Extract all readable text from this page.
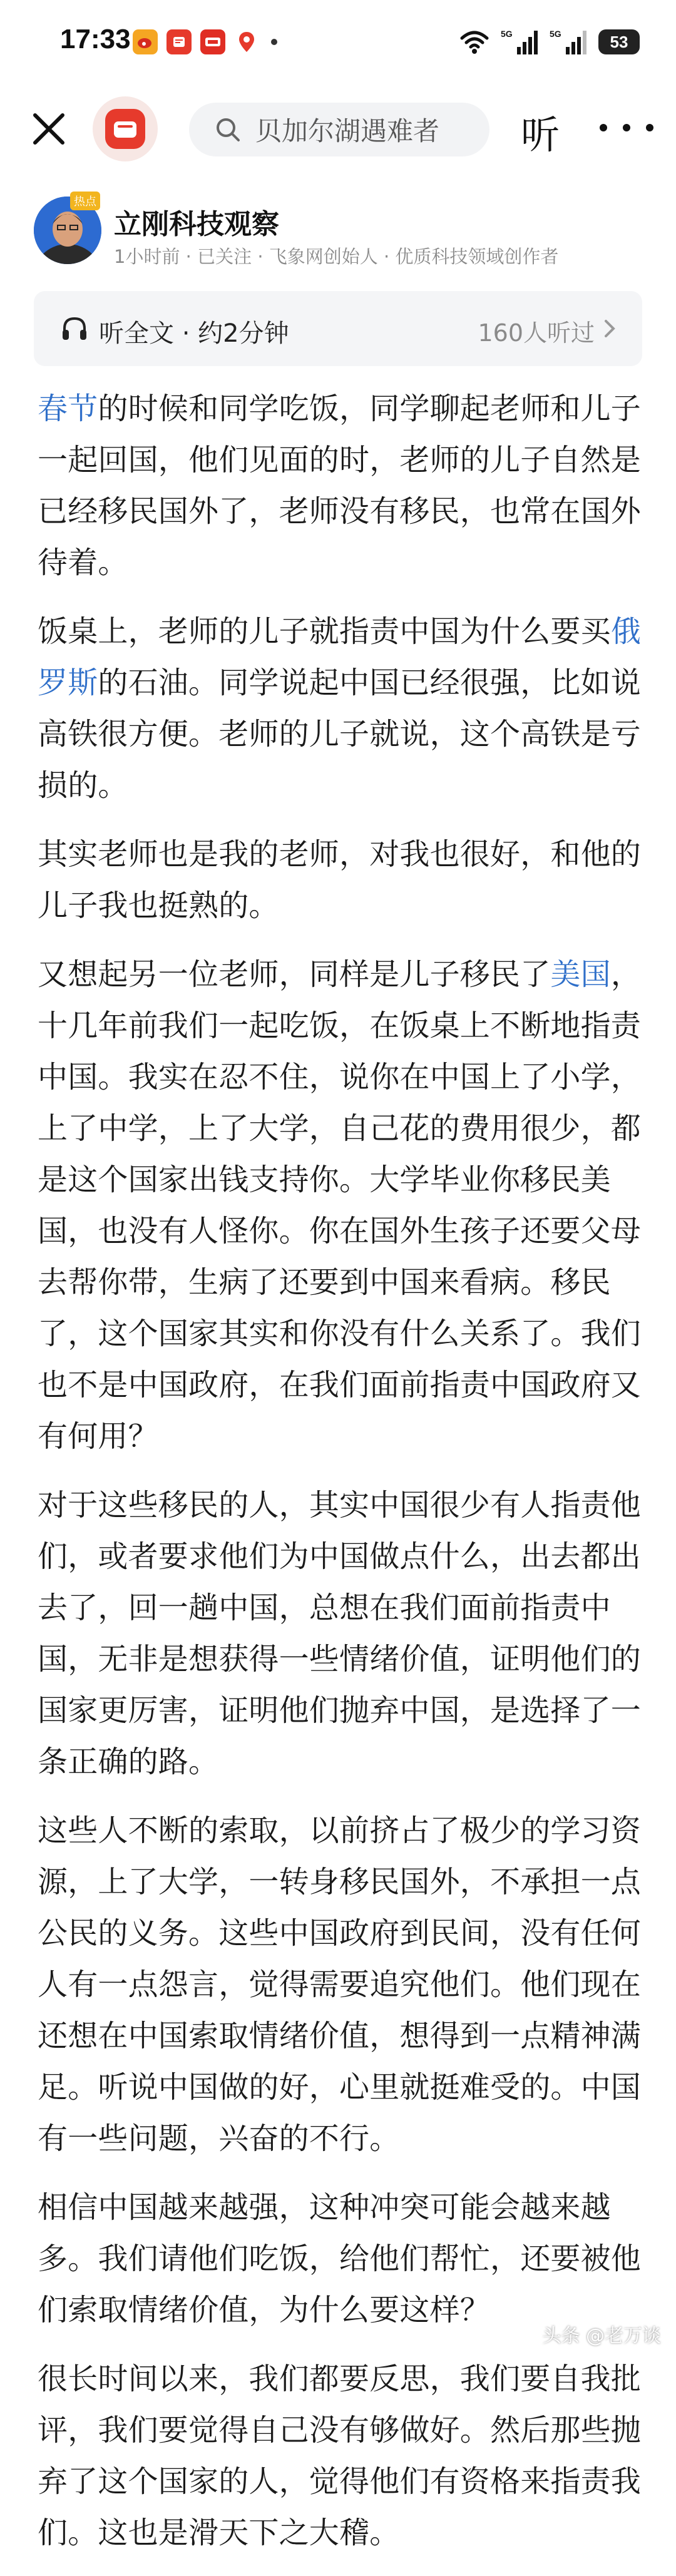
17:33	5G	5G	53
贝加尔湖遇难者 听
热点
立刚科技观察
1小时前 · 已关注 · 飞象网创始人 · 优质科技领域创作者
听全文 · 约2分钟	160人听过

春节的时候和同学吃饭，同学聊起老师和儿子一起回国，他们见面的时，老师的儿子自然是已经移民国外了，老师没有移民，也常在国外待着。

饭桌上，老师的儿子就指责中国为什么要买俄罗斯的石油。同学说起中国已经很强，比如说高铁很方便。老师的儿子就说，这个高铁是亏损的。

其实老师也是我的老师，对我也很好，和他的儿子我也挺熟的。

又想起另一位老师，同样是儿子移民了美国，十几年前我们一起吃饭，在饭桌上不断地指责中国。我实在忍不住，说你在中国上了小学，上了中学，上了大学，自己花的费用很少，都是这个国家出钱支持你。大学毕业你移民美国，也没有人怪你。你在国外生孩子还要父母去帮你带，生病了还要到中国来看病。移民了，这个国家其实和你没有什么关系了。我们也不是中国政府，在我们面前指责中国政府又有何用？

对于这些移民的人，其实中国很少有人指责他们，或者要求他们为中国做点什么，出去都出去了，回一趟中国，总想在我们面前指责中国，无非是想获得一些情绪价值，证明他们的国家更厉害，证明他们抛弃中国，是选择了一条正确的路。

这些人不断的索取，以前挤占了极少的学习资源，上了大学，一转身移民国外，不承担一点公民的义务。这些中国政府到民间，没有任何人有一点怨言，觉得需要追究他们。他们现在还想在中国索取情绪价值，想得到一点精神满足。听说中国做的好，心里就挺难受的。中国有一些问题，兴奋的不行。

相信中国越来越强，这种冲突可能会越来越多。我们请他们吃饭，给他们帮忙，还要被他们索取情绪价值，为什么要这样？

很长时间以来，我们都要反思，我们要自我批评，我们要觉得自己没有够做好。然后那些抛弃了这个国家的人，觉得他们有资格来指责我们。这也是滑天下之大稽。

头条 @老万谈
